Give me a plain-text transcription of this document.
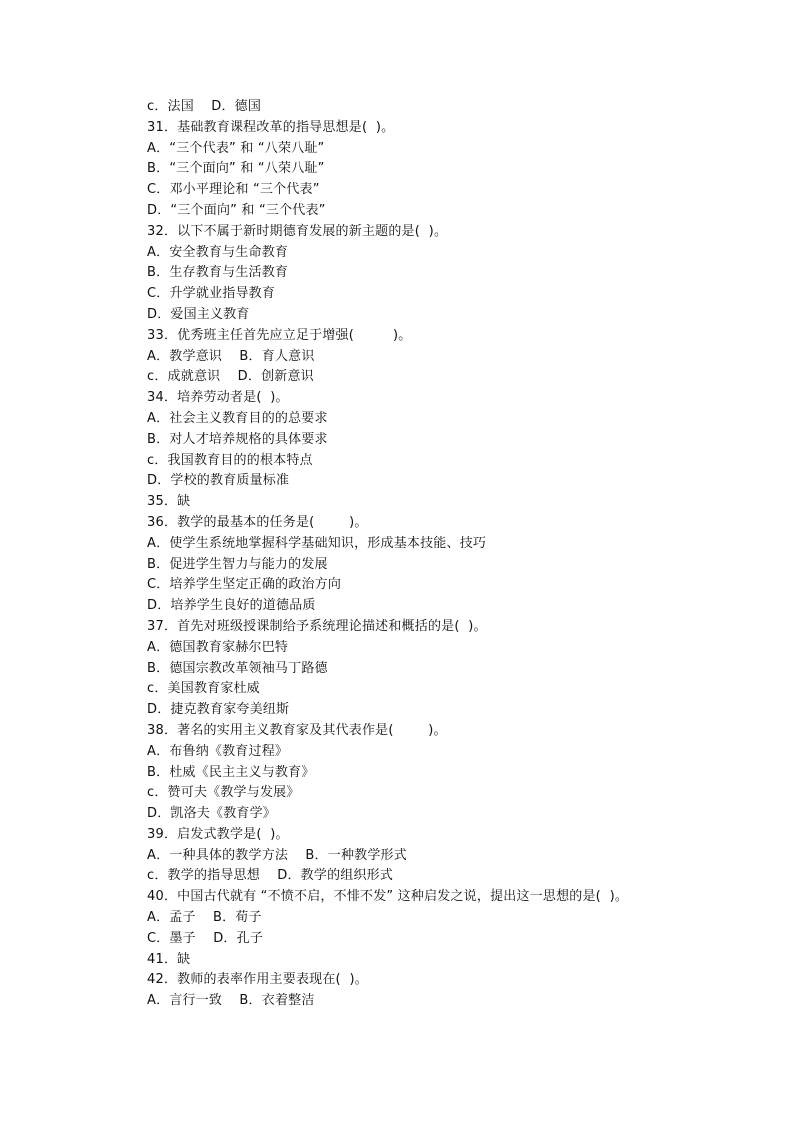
c．法国    D．德国
31．基础教育课程改革的指导思想是(  )。
A．“三个代表” 和 “八荣八耻”
B．“三个面向” 和 “八荣八耻”
C．邓小平理论和 “三个代表”
D．“三个面向” 和 “三个代表”
32．以下不属于新时期德育发展的新主题的是(  )。
A．安全教育与生命教育
B．生存教育与生活教育
C．升学就业指导教育
D．爱国主义教育
33．优秀班主任首先应立足于增强(         )。
A．教学意识    B．育人意识
c．成就意识    D．创新意识
34．培养劳动者是(  )。
A．社会主义教育目的的总要求
B．对人才培养规格的具体要求
c．我国教育目的的根本特点
D．学校的教育质量标准
35．缺
36．教学的最基本的任务是(        )。
A．使学生系统地掌握科学基础知识，形成基本技能、技巧
B．促进学生智力与能力的发展
C．培养学生坚定正确的政治方向
D．培养学生良好的道德品质
37．首先对班级授课制给予系统理论描述和概括的是(  )。
A．德国教育家赫尔巴特
B．德国宗教改革领袖马丁路德
c．美国教育家杜威
D．捷克教育家夸美纽斯
38．著名的实用主义教育家及其代表作是(        )。
A．布鲁纳《教育过程》
B．杜威《民主主义与教育》
c．赞可夫《教学与发展》
D．凯洛夫《教育学》
39．启发式教学是(  )。
A．一种具体的教学方法    B．一种教学形式
c．教学的指导思想    D．教学的组织形式
40．中国古代就有 “不愤不启，不悱不发” 这种启发之说，提出这一思想的是(  )。
A．孟子    B．荀子
C．墨子    D．孔子
41．缺
42．教师的表率作用主要表现在(  )。
A．言行一致    B．衣着整洁
